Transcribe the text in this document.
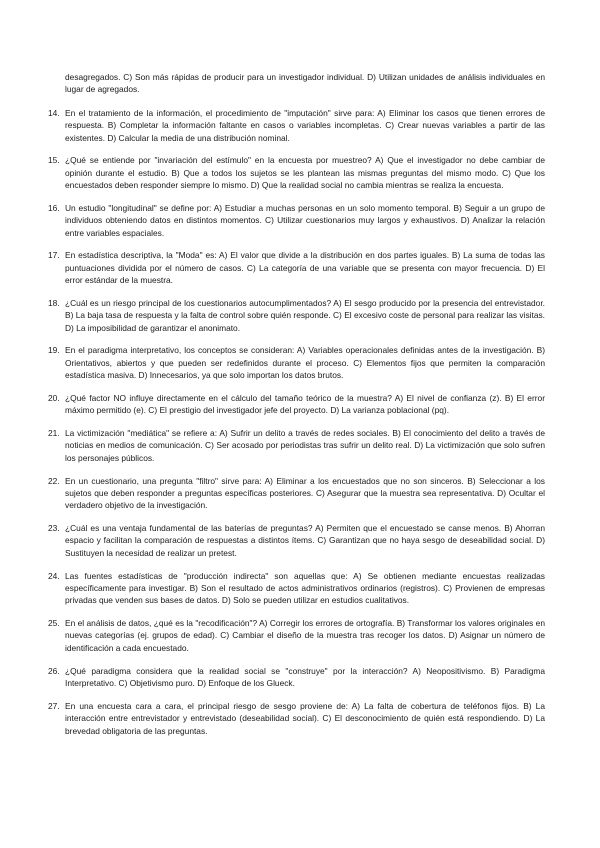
desagregados. C) Son más rápidas de producir para un investigador individual. D) Utilizan unidades de análisis individuales en lugar de agregados.

14. En el tratamiento de la información, el procedimiento de "imputación" sirve para: A) Eliminar los casos que tienen errores de respuesta. B) Completar la información faltante en casos o variables incompletas. C) Crear nuevas variables a partir de las existentes. D) Calcular la media de una distribución nominal.
15. ¿Qué se entiende por "invariación del estímulo" en la encuesta por muestreo? A) Que el investigador no debe cambiar de opinión durante el estudio. B) Que a todos los sujetos se les plantean las mismas preguntas del mismo modo. C) Que los encuestados deben responder siempre lo mismo. D) Que la realidad social no cambia mientras se realiza la encuesta.
16. Un estudio "longitudinal" se define por: A) Estudiar a muchas personas en un solo momento temporal. B) Seguir a un grupo de individuos obteniendo datos en distintos momentos. C) Utilizar cuestionarios muy largos y exhaustivos. D) Analizar la relación entre variables espaciales.
17. En estadística descriptiva, la "Moda" es: A) El valor que divide a la distribución en dos partes iguales. B) La suma de todas las puntuaciones dividida por el número de casos. C) La categoría de una variable que se presenta con mayor frecuencia. D) El error estándar de la muestra.
18. ¿Cuál es un riesgo principal de los cuestionarios autocumplimentados? A) El sesgo producido por la presencia del entrevistador. B) La baja tasa de respuesta y la falta de control sobre quién responde. C) El excesivo coste de personal para realizar las visitas. D) La imposibilidad de garantizar el anonimato.
19. En el paradigma interpretativo, los conceptos se consideran: A) Variables operacionales definidas antes de la investigación. B) Orientativos, abiertos y que pueden ser redefinidos durante el proceso. C) Elementos fijos que permiten la comparación estadística masiva. D) Innecesarios, ya que solo importan los datos brutos.
20. ¿Qué factor NO influye directamente en el cálculo del tamaño teórico de la muestra? A) El nivel de confianza (z). B) El error máximo permitido (e). C) El prestigio del investigador jefe del proyecto. D) La varianza poblacional (pq).
21. La victimización "mediática" se refiere a: A) Sufrir un delito a través de redes sociales. B) El conocimiento del delito a través de noticias en medios de comunicación. C) Ser acosado por periodistas tras sufrir un delito real. D) La victimización que solo sufren los personajes públicos.
22. En un cuestionario, una pregunta "filtro" sirve para: A) Eliminar a los encuestados que no son sinceros. B) Seleccionar a los sujetos que deben responder a preguntas específicas posteriores. C) Asegurar que la muestra sea representativa. D) Ocultar el verdadero objetivo de la investigación.
23. ¿Cuál es una ventaja fundamental de las baterías de preguntas? A) Permiten que el encuestado se canse menos. B) Ahorran espacio y facilitan la comparación de respuestas a distintos ítems. C) Garantizan que no haya sesgo de deseabilidad social. D) Sustituyen la necesidad de realizar un pretest.
24. Las fuentes estadísticas de "producción indirecta" son aquellas que: A) Se obtienen mediante encuestas realizadas específicamente para investigar. B) Son el resultado de actos administrativos ordinarios (registros). C) Provienen de empresas privadas que venden sus bases de datos. D) Solo se pueden utilizar en estudios cualitativos.
25. En el análisis de datos, ¿qué es la "recodificación"? A) Corregir los errores de ortografía. B) Transformar los valores originales en nuevas categorías (ej. grupos de edad). C) Cambiar el diseño de la muestra tras recoger los datos. D) Asignar un número de identificación a cada encuestado.
26. ¿Qué paradigma considera que la realidad social se "construye" por la interacción? A) Neopositivismo. B) Paradigma Interpretativo. C) Objetivismo puro. D) Enfoque de los Glueck.
27. En una encuesta cara a cara, el principal riesgo de sesgo proviene de: A) La falta de cobertura de teléfonos fijos. B) La interacción entre entrevistador y entrevistado (deseabilidad social). C) El desconocimiento de quién está respondiendo. D) La brevedad obligatoria de las preguntas.
